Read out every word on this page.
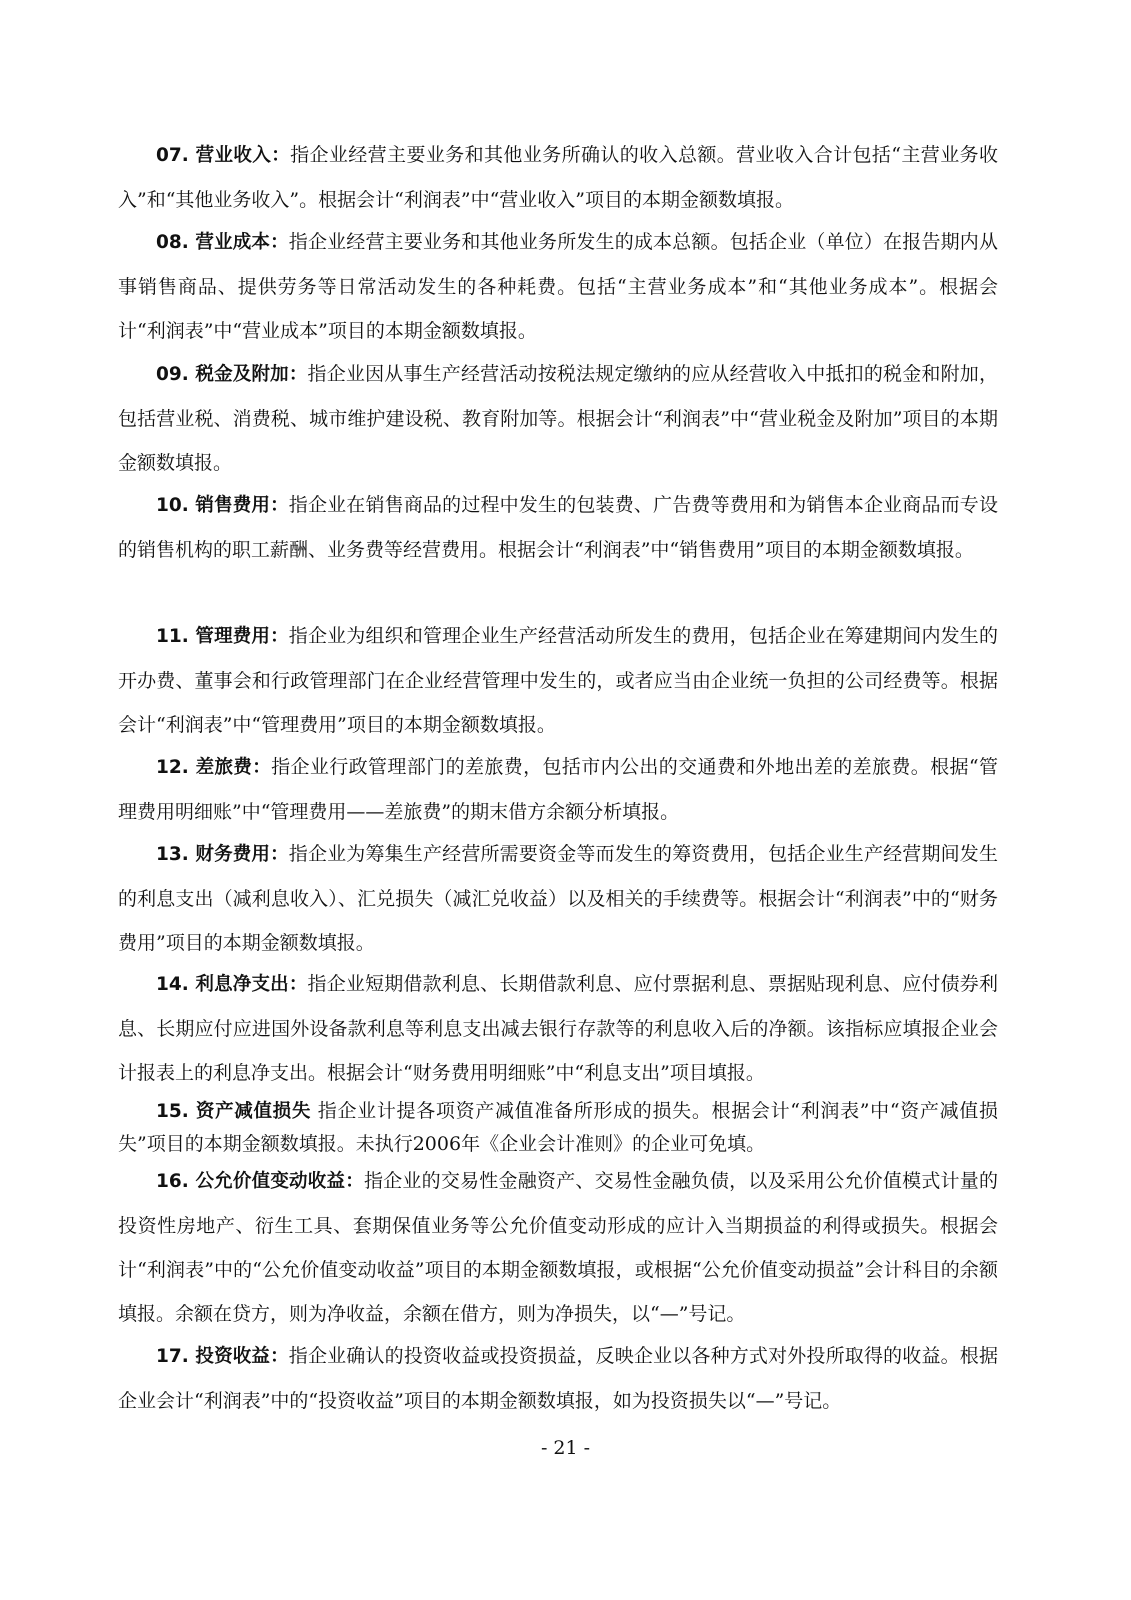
07. 营业收入：指企业经营主要业务和其他业务所确认的收入总额。营业收入合计包括“主营业务收入”和“其他业务收入”。根据会计“利润表”中“营业收入”项目的本期金额数填报。

08. 营业成本：指企业经营主要业务和其他业务所发生的成本总额。包括企业（单位）在报告期内从事销售商品、提供劳务等日常活动发生的各种耗费。包括“主营业务成本”和“其他业务成本”。根据会计“利润表”中“营业成本”项目的本期金额数填报。

09. 税金及附加：指企业因从事生产经营活动按税法规定缴纳的应从经营收入中抵扣的税金和附加，包括营业税、消费税、城市维护建设税、教育附加等。根据会计“利润表”中“营业税金及附加”项目的本期金额数填报。

10. 销售费用：指企业在销售商品的过程中发生的包装费、广告费等费用和为销售本企业商品而专设的销售机构的职工薪酬、业务费等经营费用。根据会计“利润表”中“销售费用”项目的本期金额数填报。

11. 管理费用：指企业为组织和管理企业生产经营活动所发生的费用，包括企业在筹建期间内发生的开办费、董事会和行政管理部门在企业经营管理中发生的，或者应当由企业统一负担的公司经费等。根据会计“利润表”中“管理费用”项目的本期金额数填报。

12. 差旅费：指企业行政管理部门的差旅费，包括市内公出的交通费和外地出差的差旅费。根据“管理费用明细账”中“管理费用——差旅费”的期末借方余额分析填报。

13. 财务费用：指企业为筹集生产经营所需要资金等而发生的筹资费用，包括企业生产经营期间发生的利息支出（减利息收入）、汇兑损失（减汇兑收益）以及相关的手续费等。根据会计“利润表”中的“财务费用”项目的本期金额数填报。

14. 利息净支出：指企业短期借款利息、长期借款利息、应付票据利息、票据贴现利息、应付债券利息、长期应付应进国外设备款利息等利息支出减去银行存款等的利息收入后的净额。该指标应填报企业会计报表上的利息净支出。根据会计“财务费用明细账”中“利息支出”项目填报。

15. 资产减值损失 指企业计提各项资产减值准备所形成的损失。根据会计“利润表”中“资产减值损失”项目的本期金额数填报。未执行2006年《企业会计准则》的企业可免填。

16. 公允价值变动收益：指企业的交易性金融资产、交易性金融负债，以及采用公允价值模式计量的投资性房地产、衍生工具、套期保值业务等公允价值变动形成的应计入当期损益的利得或损失。根据会计“利润表”中的“公允价值变动收益”项目的本期金额数填报，或根据“公允价值变动损益”会计科目的余额填报。余额在贷方，则为净收益，余额在借方，则为净损失，以“—”号记。

17. 投资收益：指企业确认的投资收益或投资损益，反映企业以各种方式对外投所取得的收益。根据企业会计“利润表”中的“投资收益”项目的本期金额数填报，如为投资损失以“—”号记。

- 21 -
